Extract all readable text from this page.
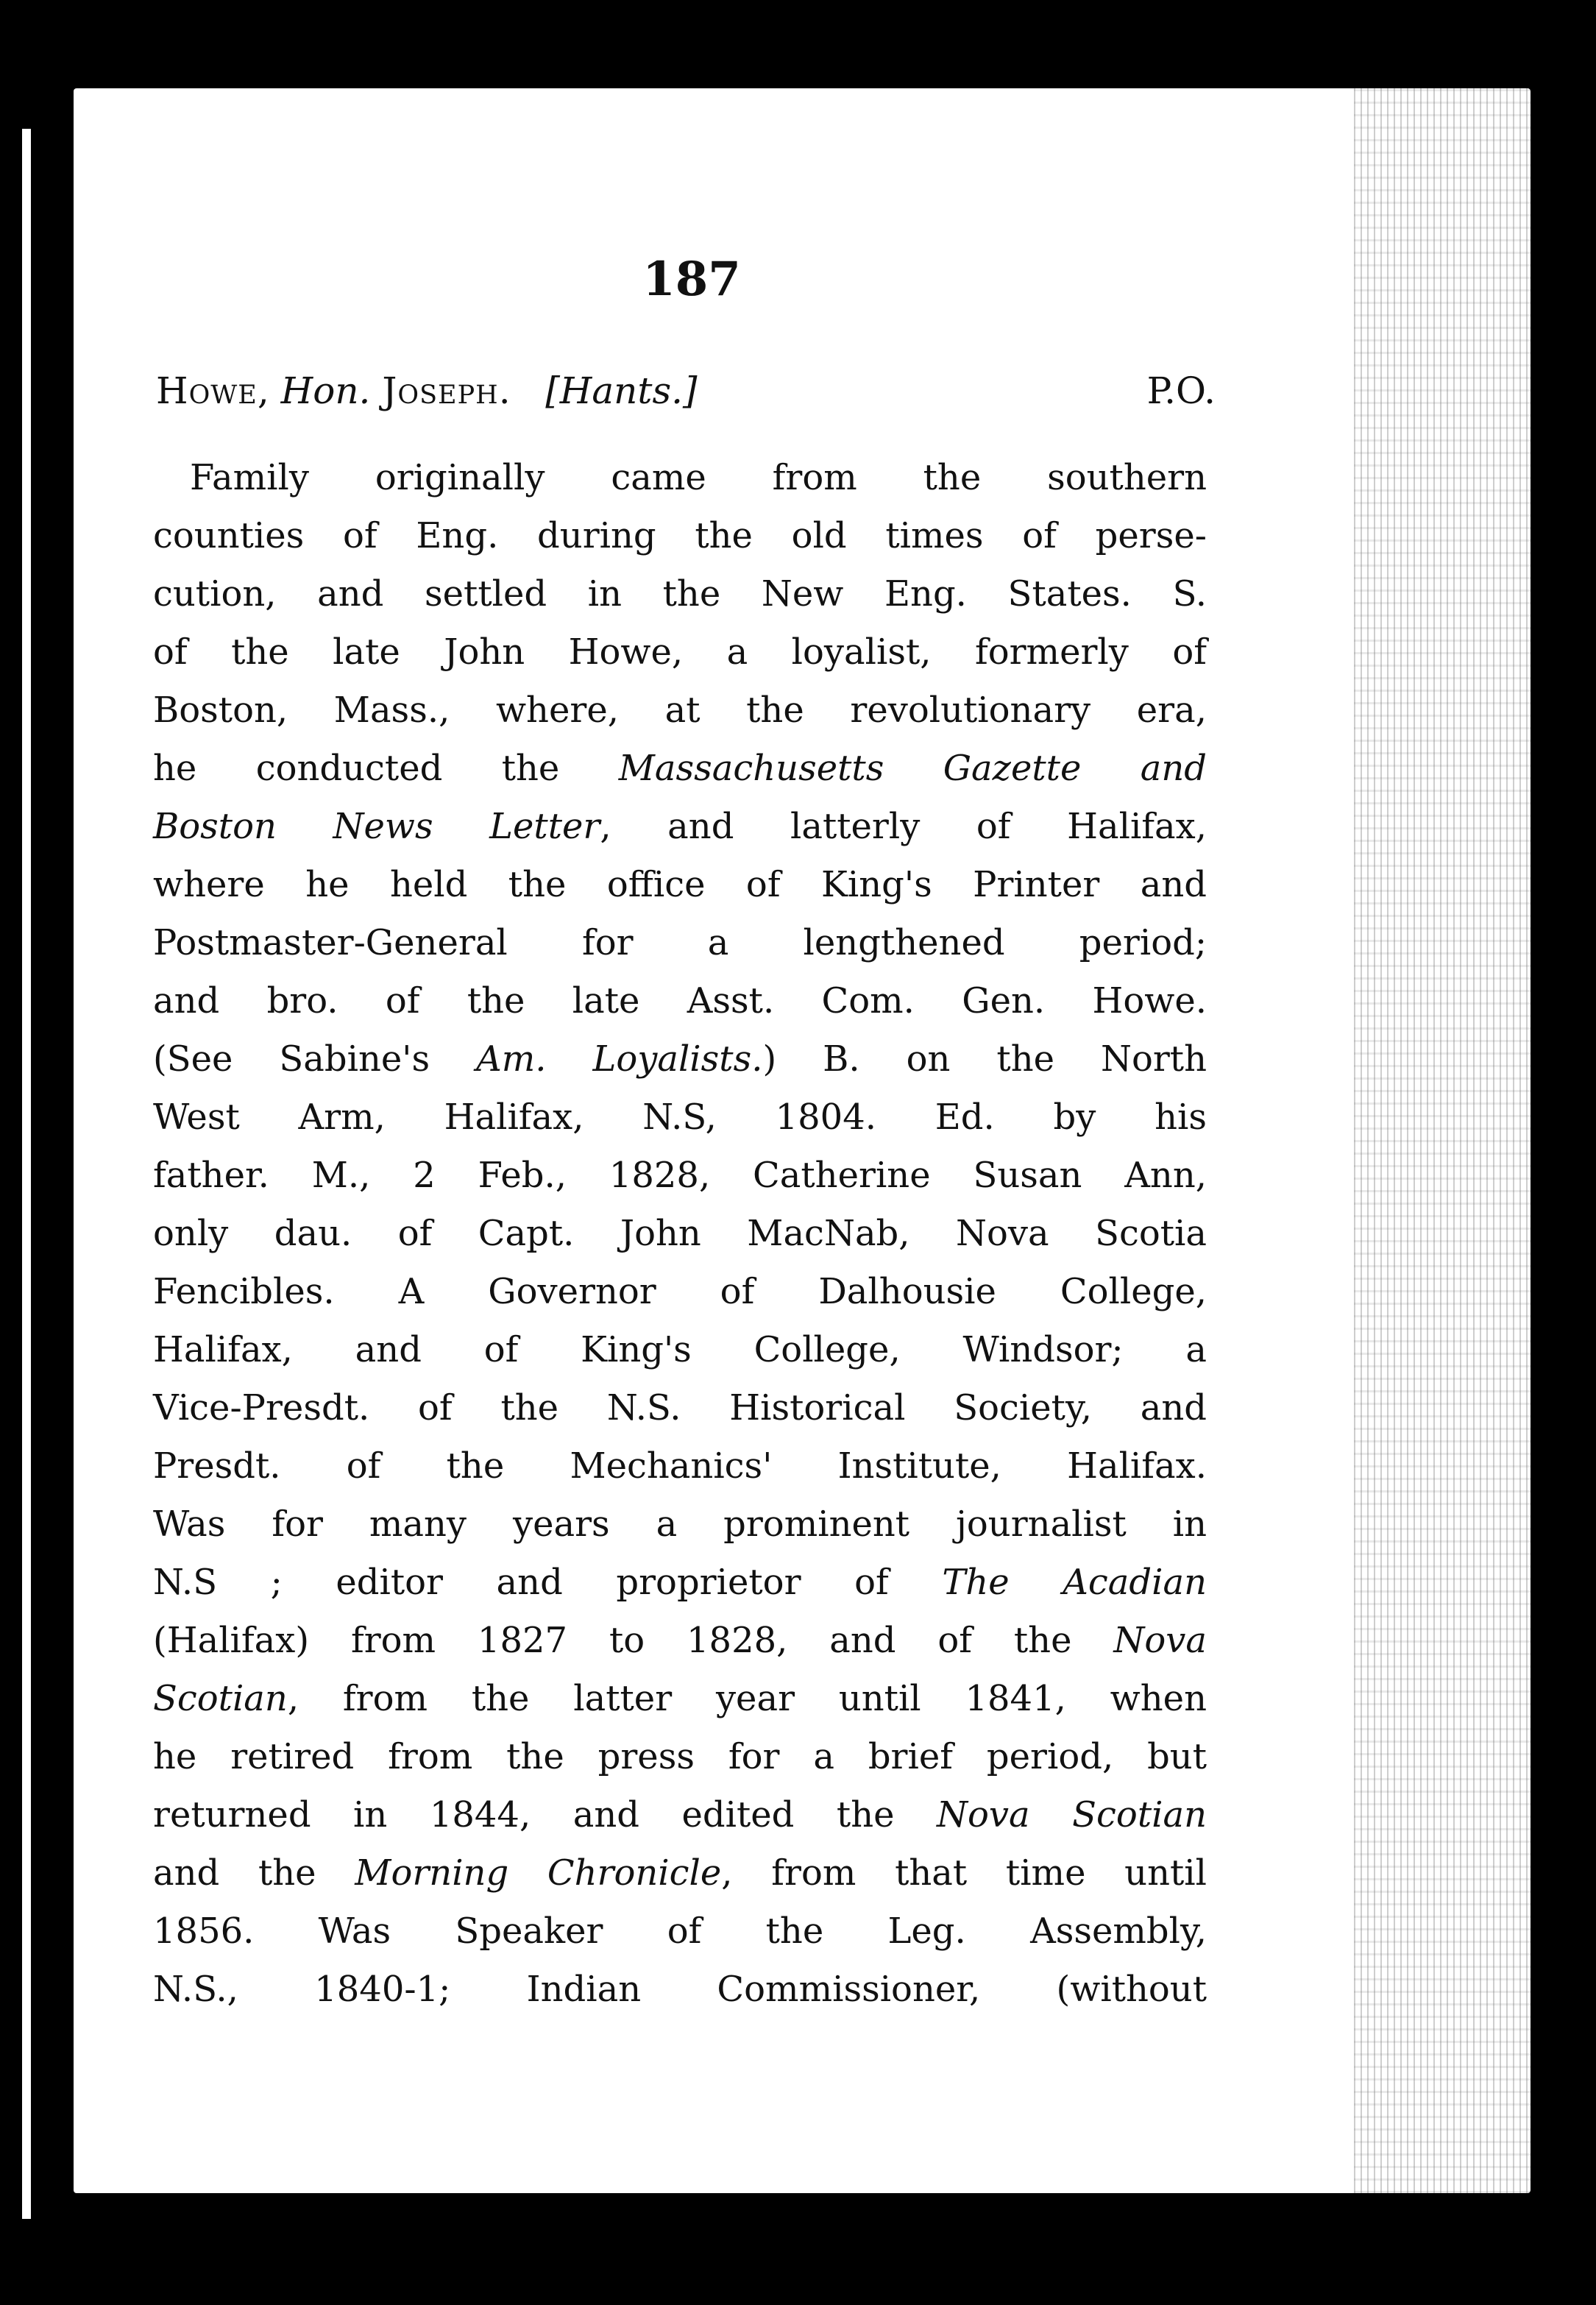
187
Howe, Hon. Joseph.   [Hants.]	P.O.
Family originally came from the southern
counties of Eng. during the old times of perse-
cution, and settled in the New Eng. States. S.
of the late John Howe, a loyalist, formerly of
Boston, Mass., where, at the revolutionary era,
he conducted the Massachusetts Gazette and
Boston News Letter, and latterly of Halifax,
where he held the office of King's Printer and
Postmaster-General for a lengthened period;
and bro. of the late Asst. Com. Gen. Howe.
(See Sabine's Am. Loyalists.) B. on the North
West Arm, Halifax, N.S, 1804. Ed. by his
father. M., 2 Feb., 1828, Catherine Susan Ann,
only dau. of Capt. John MacNab, Nova Scotia
Fencibles. A Governor of Dalhousie College,
Halifax, and of King's College, Windsor; a
Vice-Presdt. of the N.S. Historical Society, and
Presdt. of the Mechanics' Institute, Halifax.
Was for many years a prominent journalist in
N.S ; editor and proprietor of The Acadian
(Halifax) from 1827 to 1828, and of the Nova
Scotian, from the latter year until 1841, when
he retired from the press for a brief period, but
returned in 1844, and edited the Nova Scotian
and the Morning Chronicle, from that time until
1856. Was Speaker of the Leg. Assembly,
N.S., 1840-1; Indian Commissioner, (without
